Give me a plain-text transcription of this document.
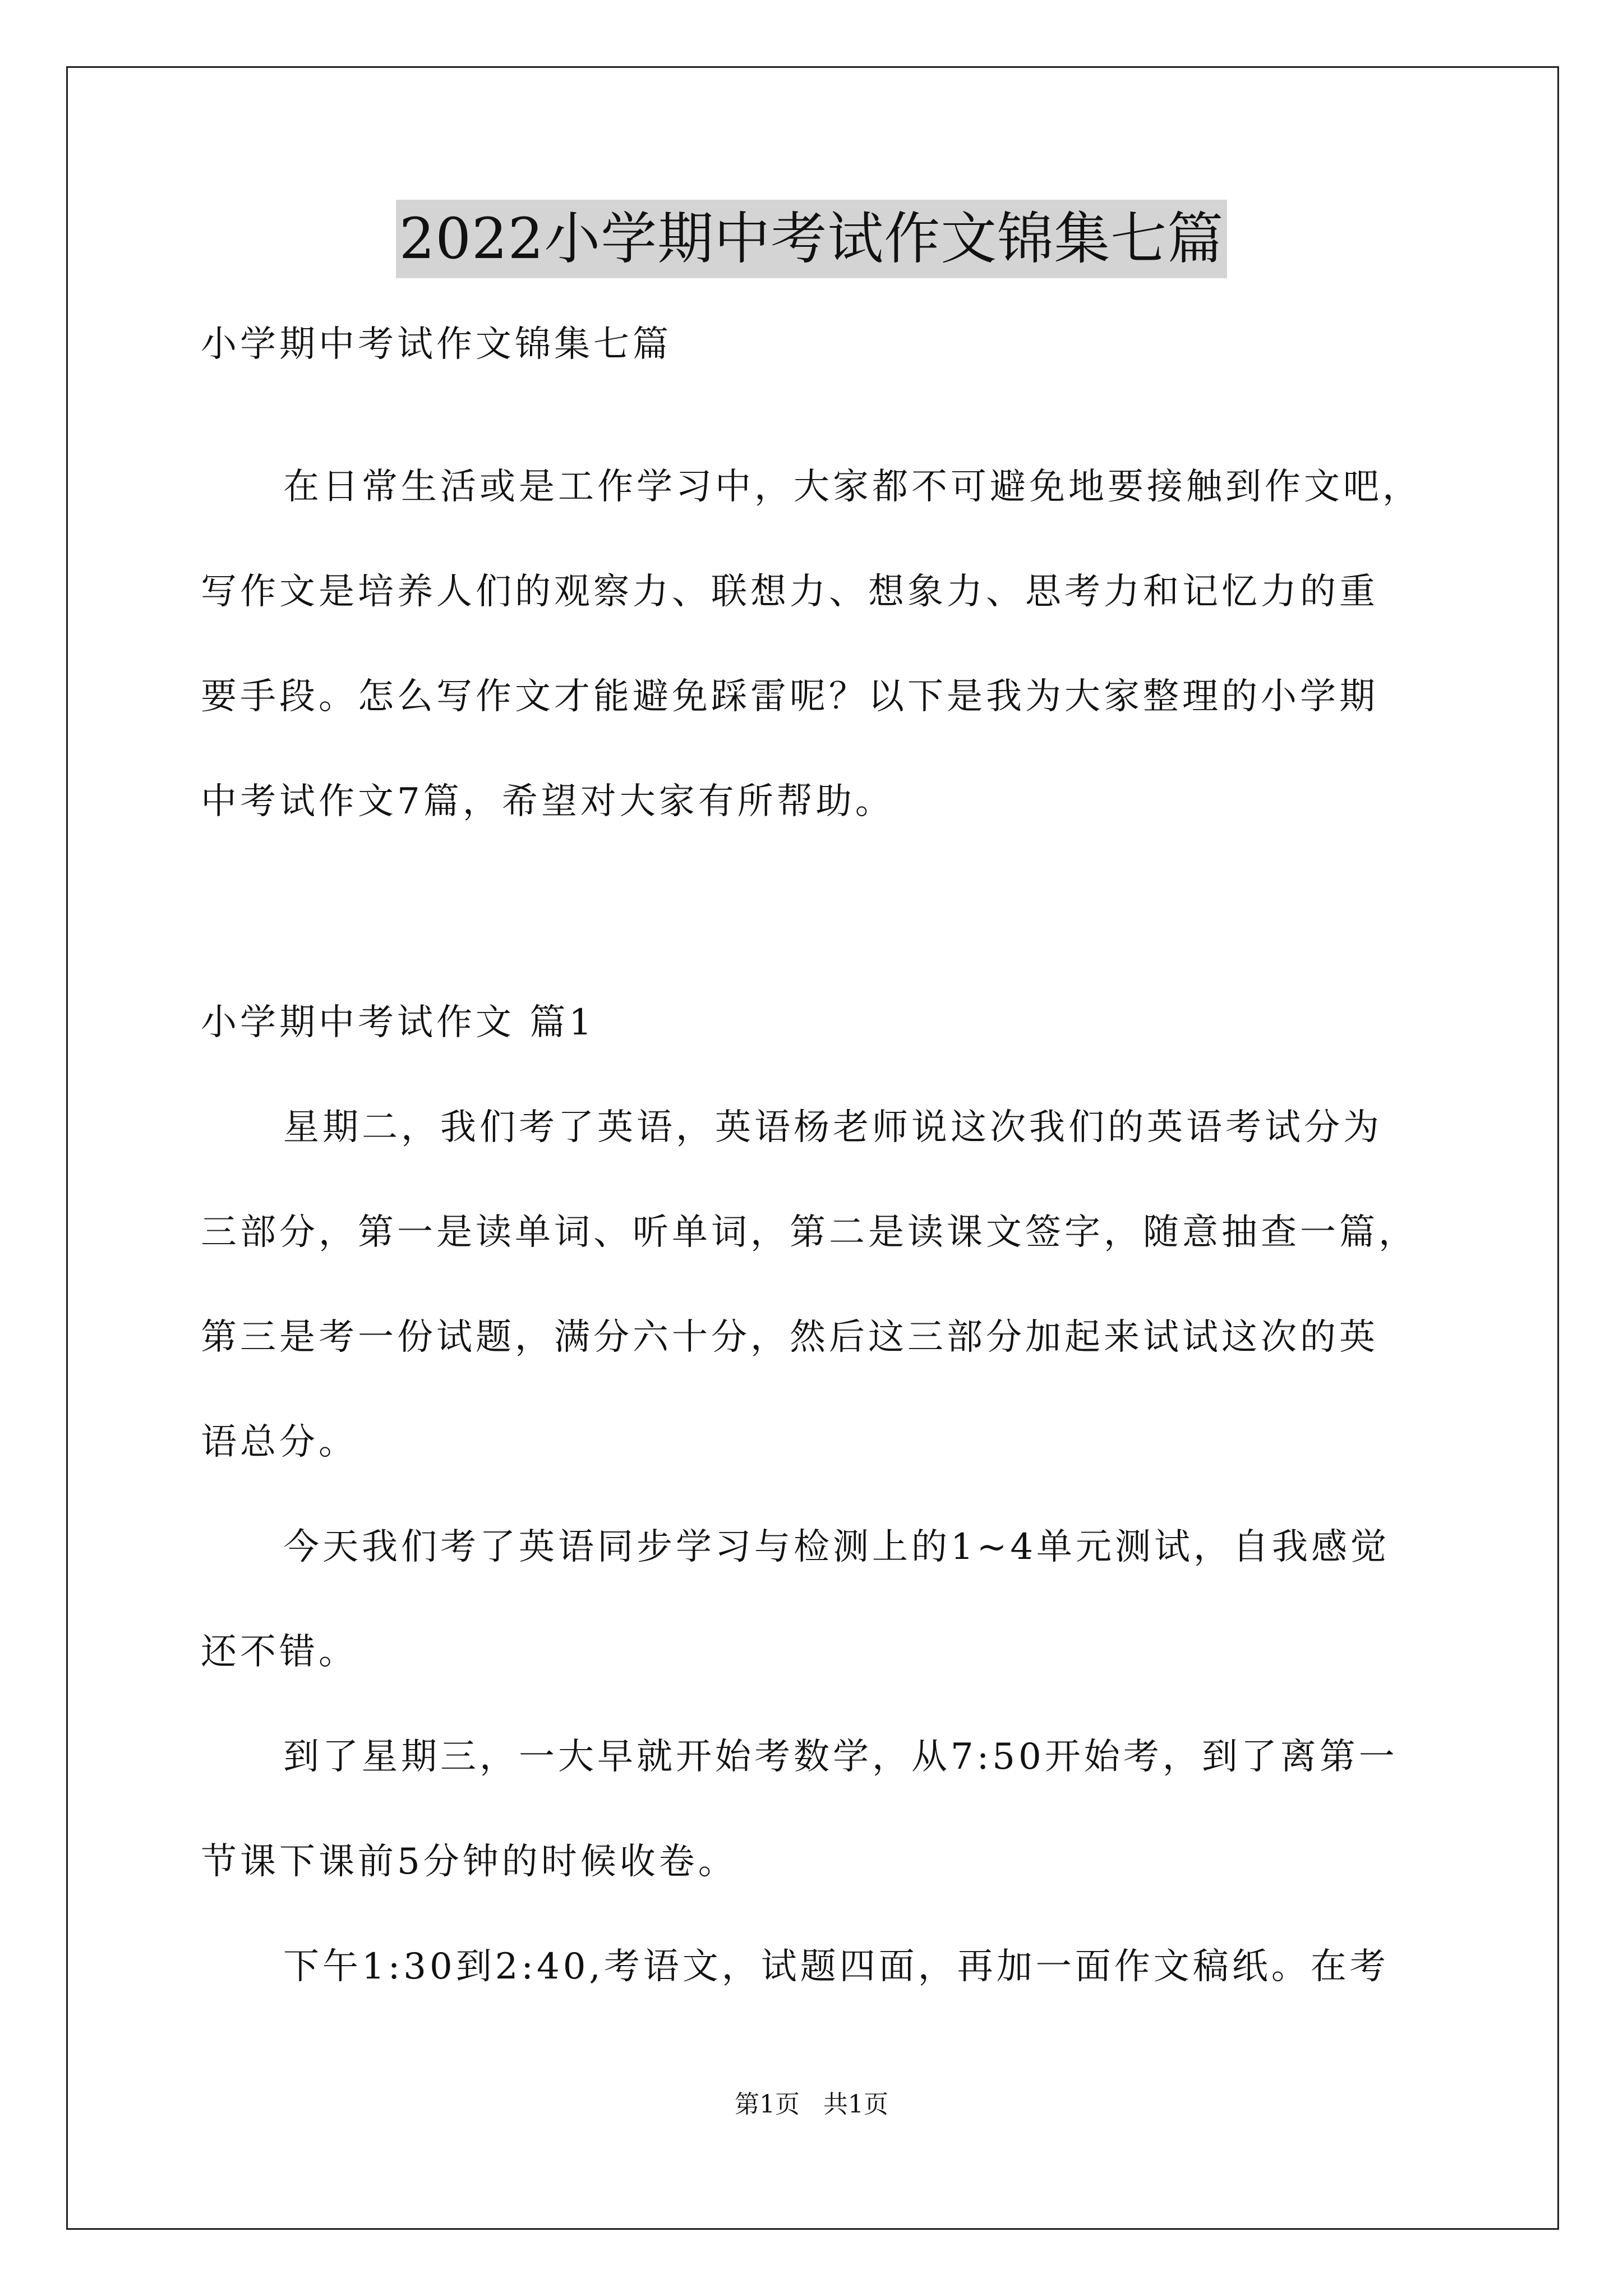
2022小学期中考试作文锦集七篇
小学期中考试作文锦集七篇
在日常生活或是工作学习中，大家都不可避免地要接触到作文吧，
写作文是培养人们的观察力、联想力、想象力、思考力和记忆力的重
要手段。怎么写作文才能避免踩雷呢？以下是我为大家整理的小学期
中考试作文7篇，希望对大家有所帮助。
小学期中考试作文 篇1
星期二，我们考了英语，英语杨老师说这次我们的英语考试分为
三部分，第一是读单词、听单词，第二是读课文签字，随意抽查一篇，
第三是考一份试题，满分六十分，然后这三部分加起来试试这次的英
语总分。
今天我们考了英语同步学习与检测上的1~4单元测试，自我感觉
还不错。
到了星期三，一大早就开始考数学，从7:50开始考，到了离第一
节课下课前5分钟的时候收卷。
下午1:30到2:40,考语文，试题四面，再加一面作文稿纸。在考
第1页   共1页
